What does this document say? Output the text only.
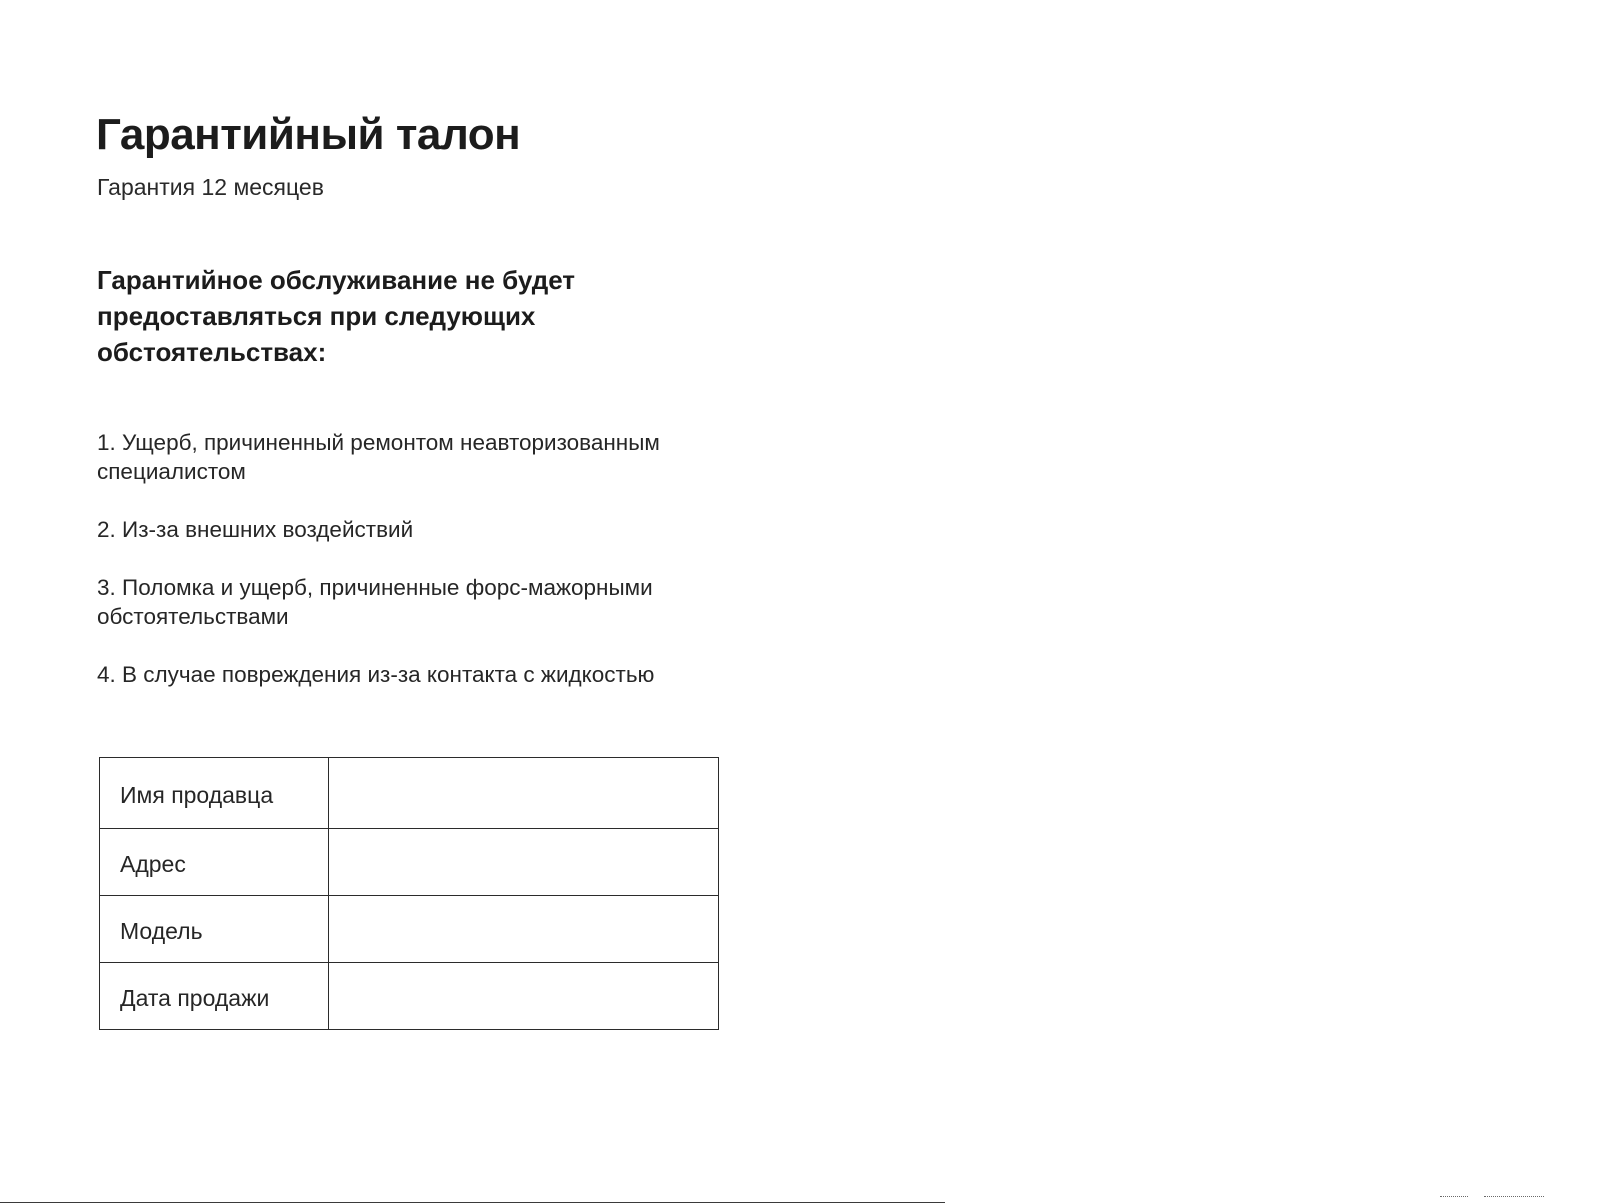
Гарантийный талон

Гарантия 12 месяцев

Гарантийное обслуживание не будет предоставляться при следующих обстоятельствах:
1. Ущерб, причиненный ремонтом неавторизованным специалистом
2. Из-за внешних воздействий
3. Поломка и ущерб, причиненные форс-мажорными обстоятельствами
4. В случае повреждения из-за контакта с жидкостью
Имя продавца	
Адрес	
Модель	
Дата продажи	
